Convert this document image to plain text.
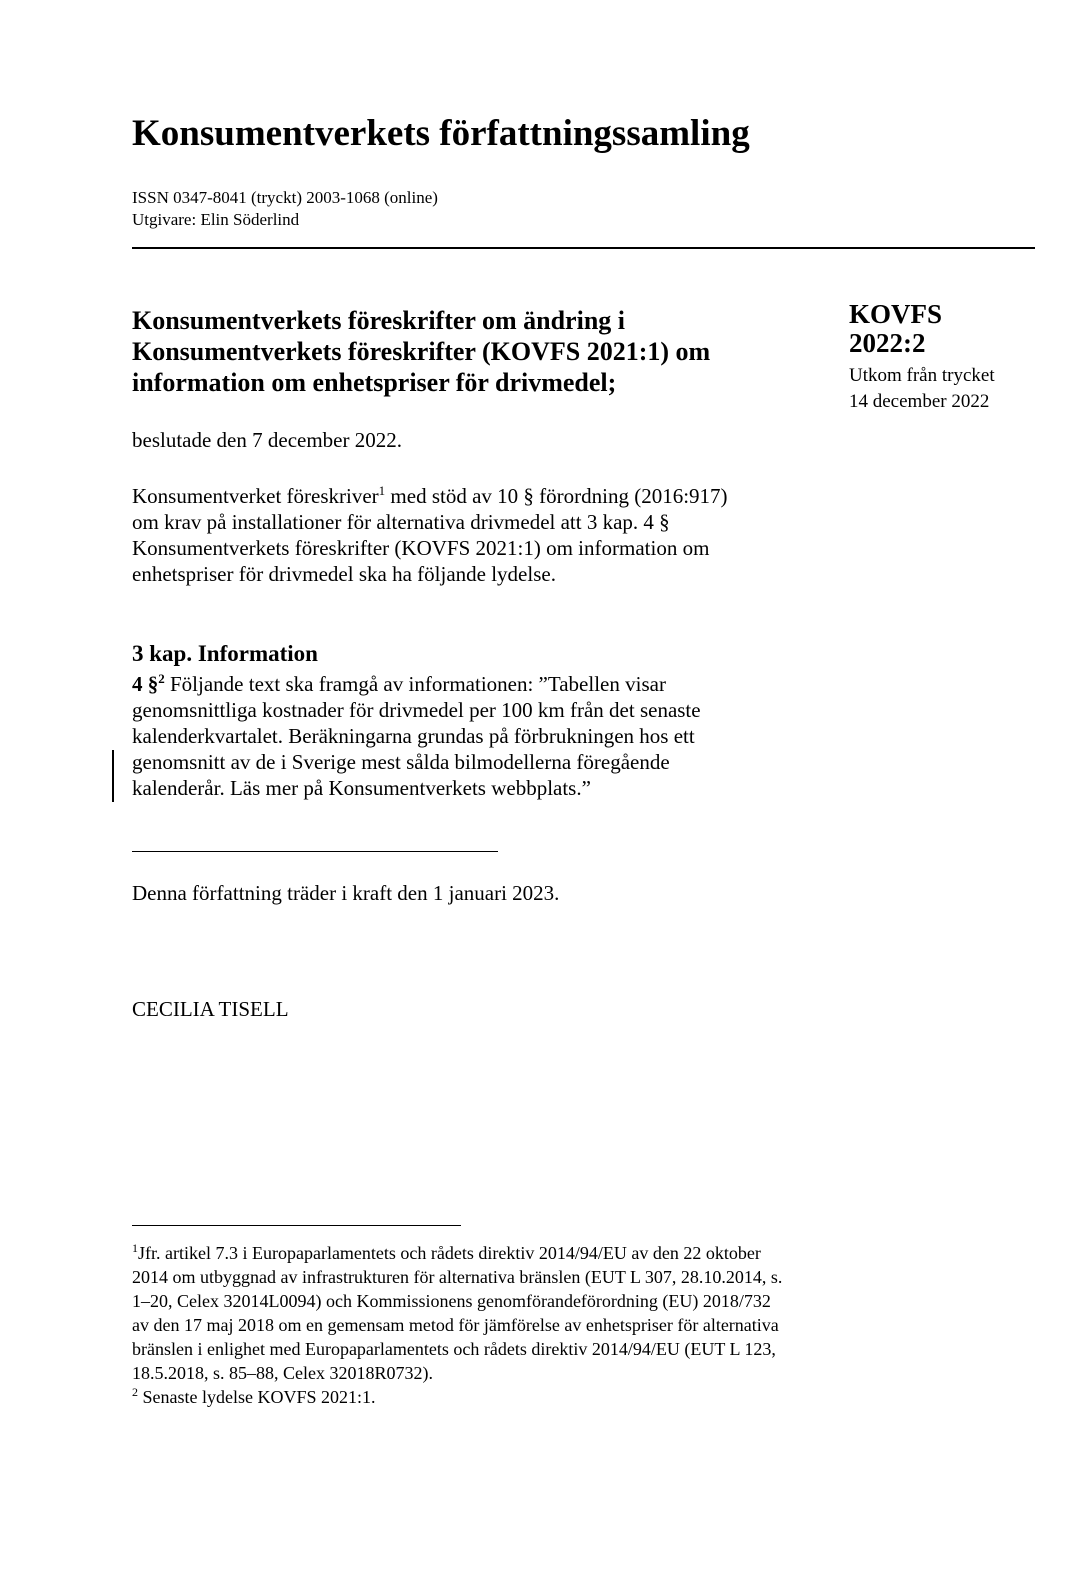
Konsumentverkets författningssamling
ISSN 0347-8041 (tryckt) 2003-1068 (online)
Utgivare: Elin Söderlind
Konsumentverkets föreskrifter om ändring i
Konsumentverkets föreskrifter (KOVFS 2021:1) om
information om enhetspriser för drivmedel;
KOVFS
2022:2
Utkom från trycket
14 december 2022
beslutade den 7 december 2022.
Konsumentverket föreskriver$^1$ med stöd av 10 § förordning (2016:917)
om krav på installationer för alternativa drivmedel att 3 kap. 4 §
Konsumentverkets föreskrifter (KOVFS 2021:1) om information om
enhetspriser för drivmedel ska ha följande lydelse.
3 kap. Information
4 §$^2$ Följande text ska framgå av informationen: ”Tabellen visar
genomsnittliga kostnader för drivmedel per 100 km från det senaste
kalenderkvartalet. Beräkningarna grundas på förbrukningen hos ett
genomsnitt av de i Sverige mest sålda bilmodellerna föregående
kalenderår. Läs mer på Konsumentverkets webbplats.”
Denna författning träder i kraft den 1 januari 2023.
CECILIA TISELL
$^1$Jfr. artikel 7.3 i Europaparlamentets och rådets direktiv 2014/94/EU av den 22 oktober
2014 om utbyggnad av infrastrukturen för alternativa bränslen (EUT L 307, 28.10.2014, s.
1–20, Celex 32014L0094) och Kommissionens genomförandeförordning (EU) 2018/732
av den 17 maj 2018 om en gemensam metod för jämförelse av enhetspriser för alternativa
bränslen i enlighet med Europaparlamentets och rådets direktiv 2014/94/EU (EUT L 123,
18.5.2018, s. 85–88, Celex 32018R0732).
$^2$ Senaste lydelse KOVFS 2021:1.
